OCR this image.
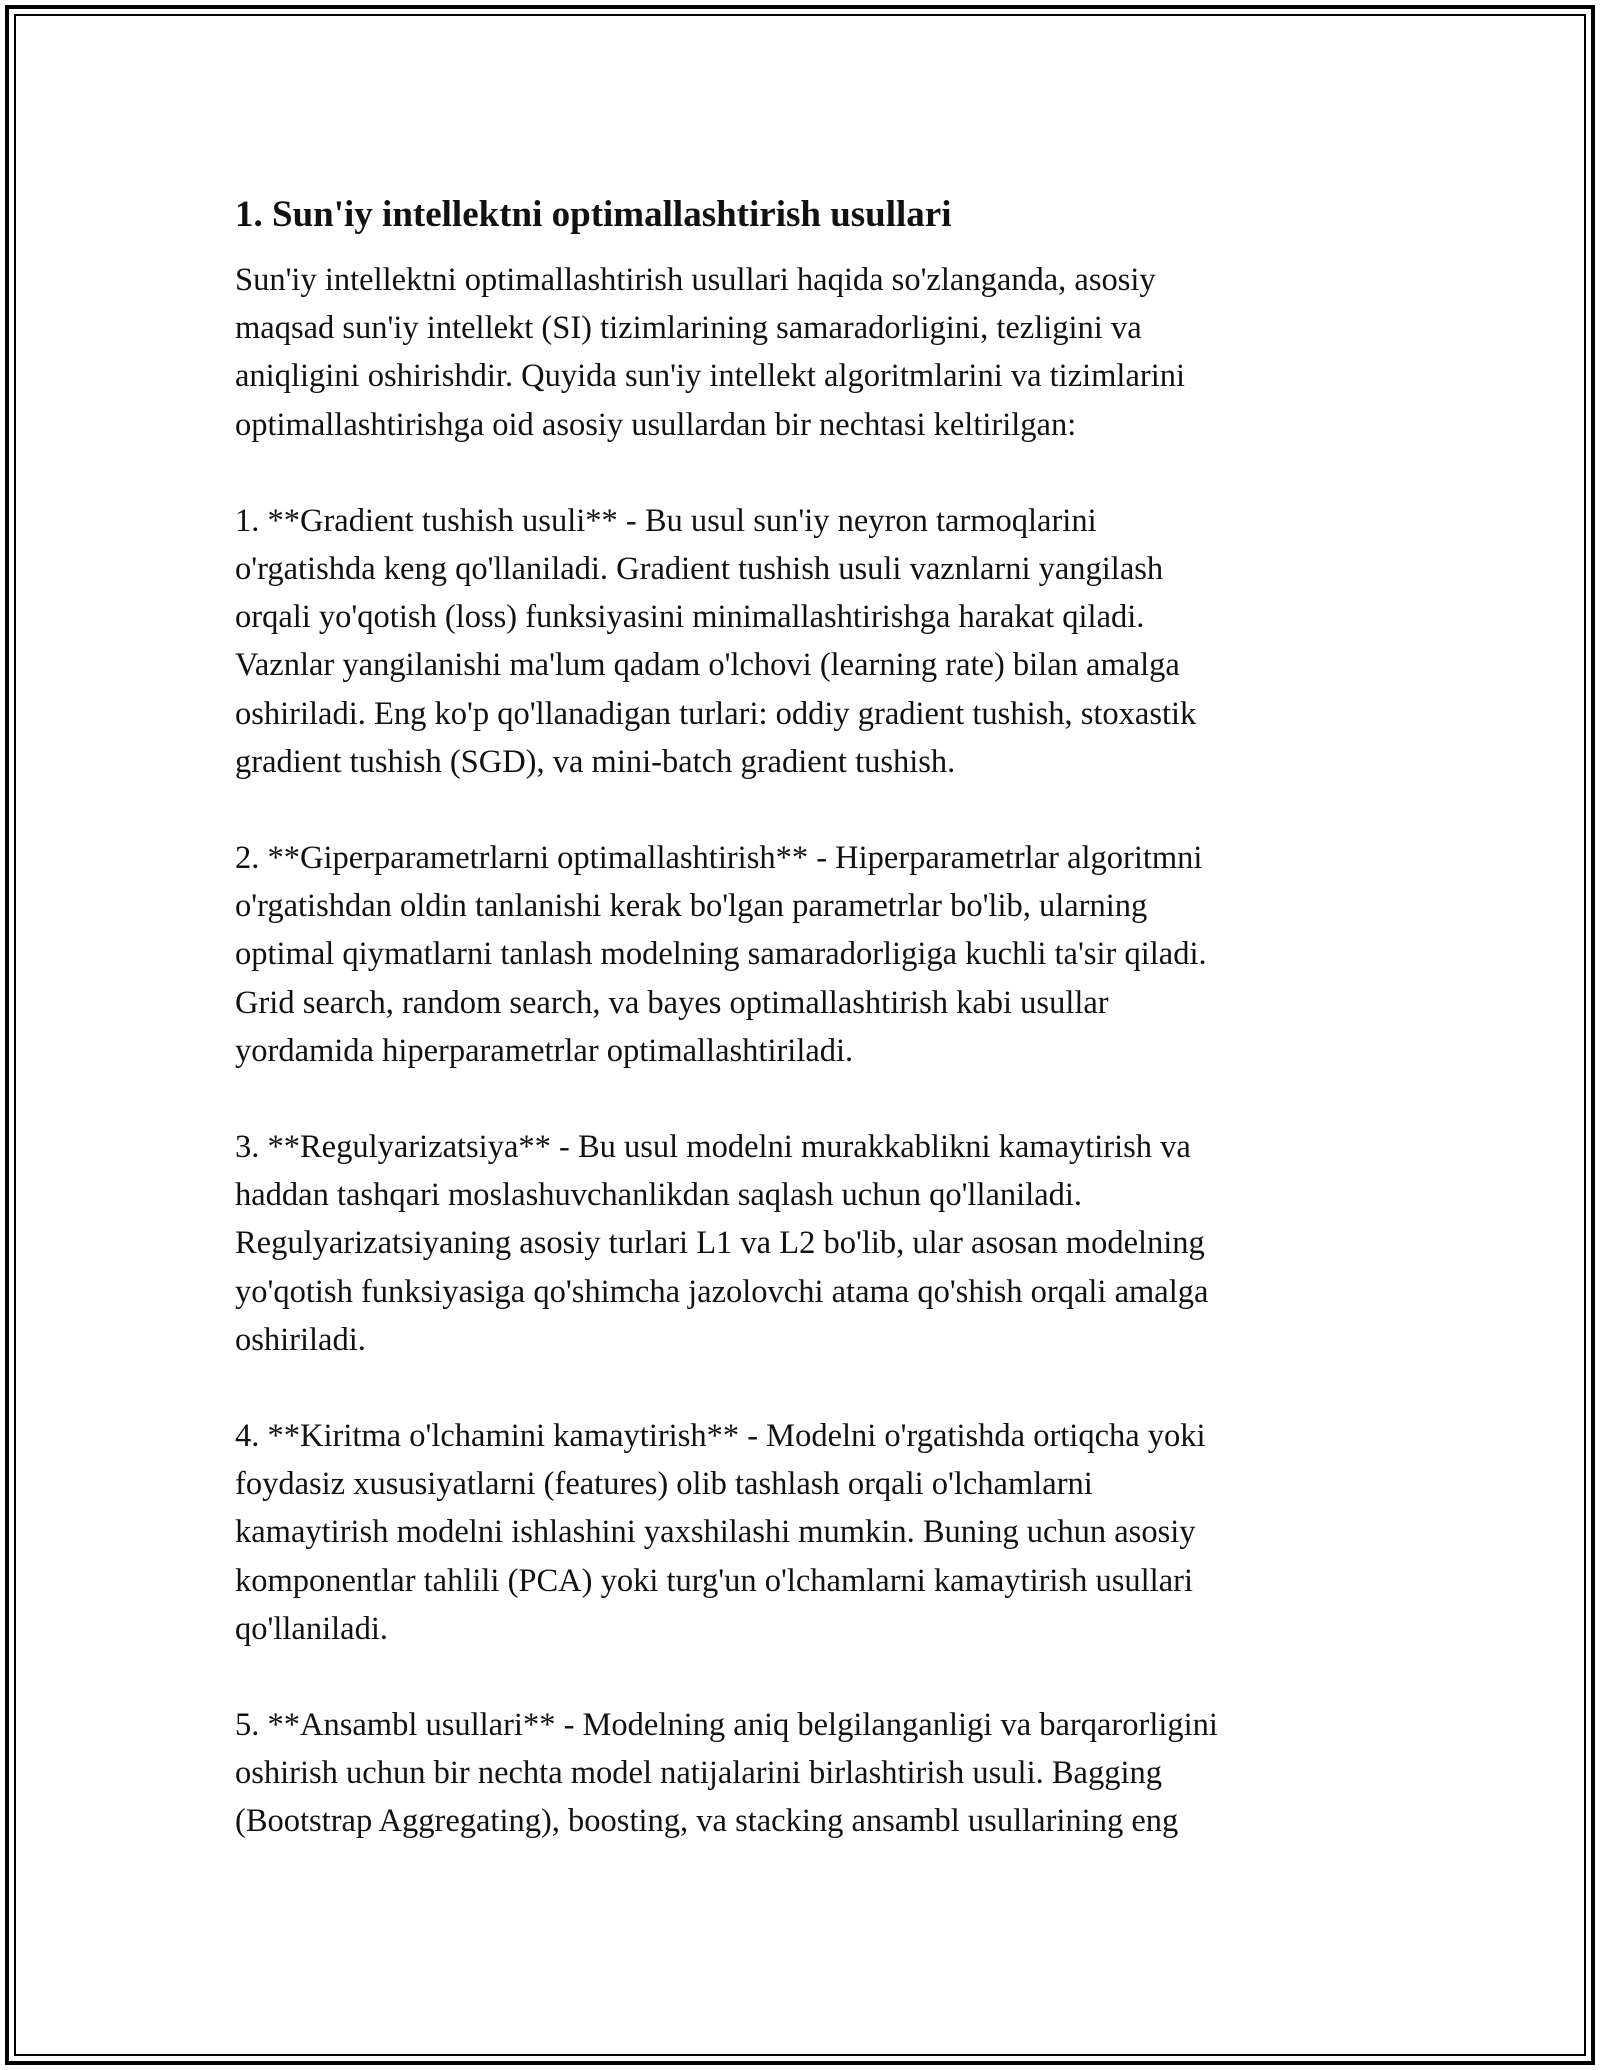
1. Sun'iy intellektni optimallashtirish usullari

Sun'iy intellektni optimallashtirish usullari haqida so'zlanganda, asosiy
maqsad sun'iy intellekt (SI) tizimlarining samaradorligini, tezligini va
aniqligini oshirishdir. Quyida sun'iy intellekt algoritmlarini va tizimlarini
optimallashtirishga oid asosiy usullardan bir nechtasi keltirilgan:

1. **Gradient tushish usuli** - Bu usul sun'iy neyron tarmoqlarini
o'rgatishda keng qo'llaniladi. Gradient tushish usuli vaznlarni yangilash
orqali yo'qotish (loss) funksiyasini minimallashtirishga harakat qiladi.
Vaznlar yangilanishi ma'lum qadam o'lchovi (learning rate) bilan amalga
oshiriladi. Eng ko'p qo'llanadigan turlari: oddiy gradient tushish, stoxastik
gradient tushish (SGD), va mini-batch gradient tushish.

2. **Giperparametrlarni optimallashtirish** - Hiperparametrlar algoritmni
o'rgatishdan oldin tanlanishi kerak bo'lgan parametrlar bo'lib, ularning
optimal qiymatlarni tanlash modelning samaradorligiga kuchli ta'sir qiladi.
Grid search, random search, va bayes optimallashtirish kabi usullar
yordamida hiperparametrlar optimallashtiriladi.

3. **Regulyarizatsiya** - Bu usul modelni murakkablikni kamaytirish va
haddan tashqari moslashuvchanlikdan saqlash uchun qo'llaniladi.
Regulyarizatsiyaning asosiy turlari L1 va L2 bo'lib, ular asosan modelning
yo'qotish funksiyasiga qo'shimcha jazolovchi atama qo'shish orqali amalga
oshiriladi.

4. **Kiritma o'lchamini kamaytirish** - Modelni o'rgatishda ortiqcha yoki
foydasiz xususiyatlarni (features) olib tashlash orqali o'lchamlarni
kamaytirish modelni ishlashini yaxshilashi mumkin. Buning uchun asosiy
komponentlar tahlili (PCA) yoki turg'un o'lchamlarni kamaytirish usullari
qo'llaniladi.

5. **Ansambl usullari** - Modelning aniq belgilanganligi va barqarorligini
oshirish uchun bir nechta model natijalarini birlashtirish usuli. Bagging
(Bootstrap Aggregating), boosting, va stacking ansambl usullarining eng
